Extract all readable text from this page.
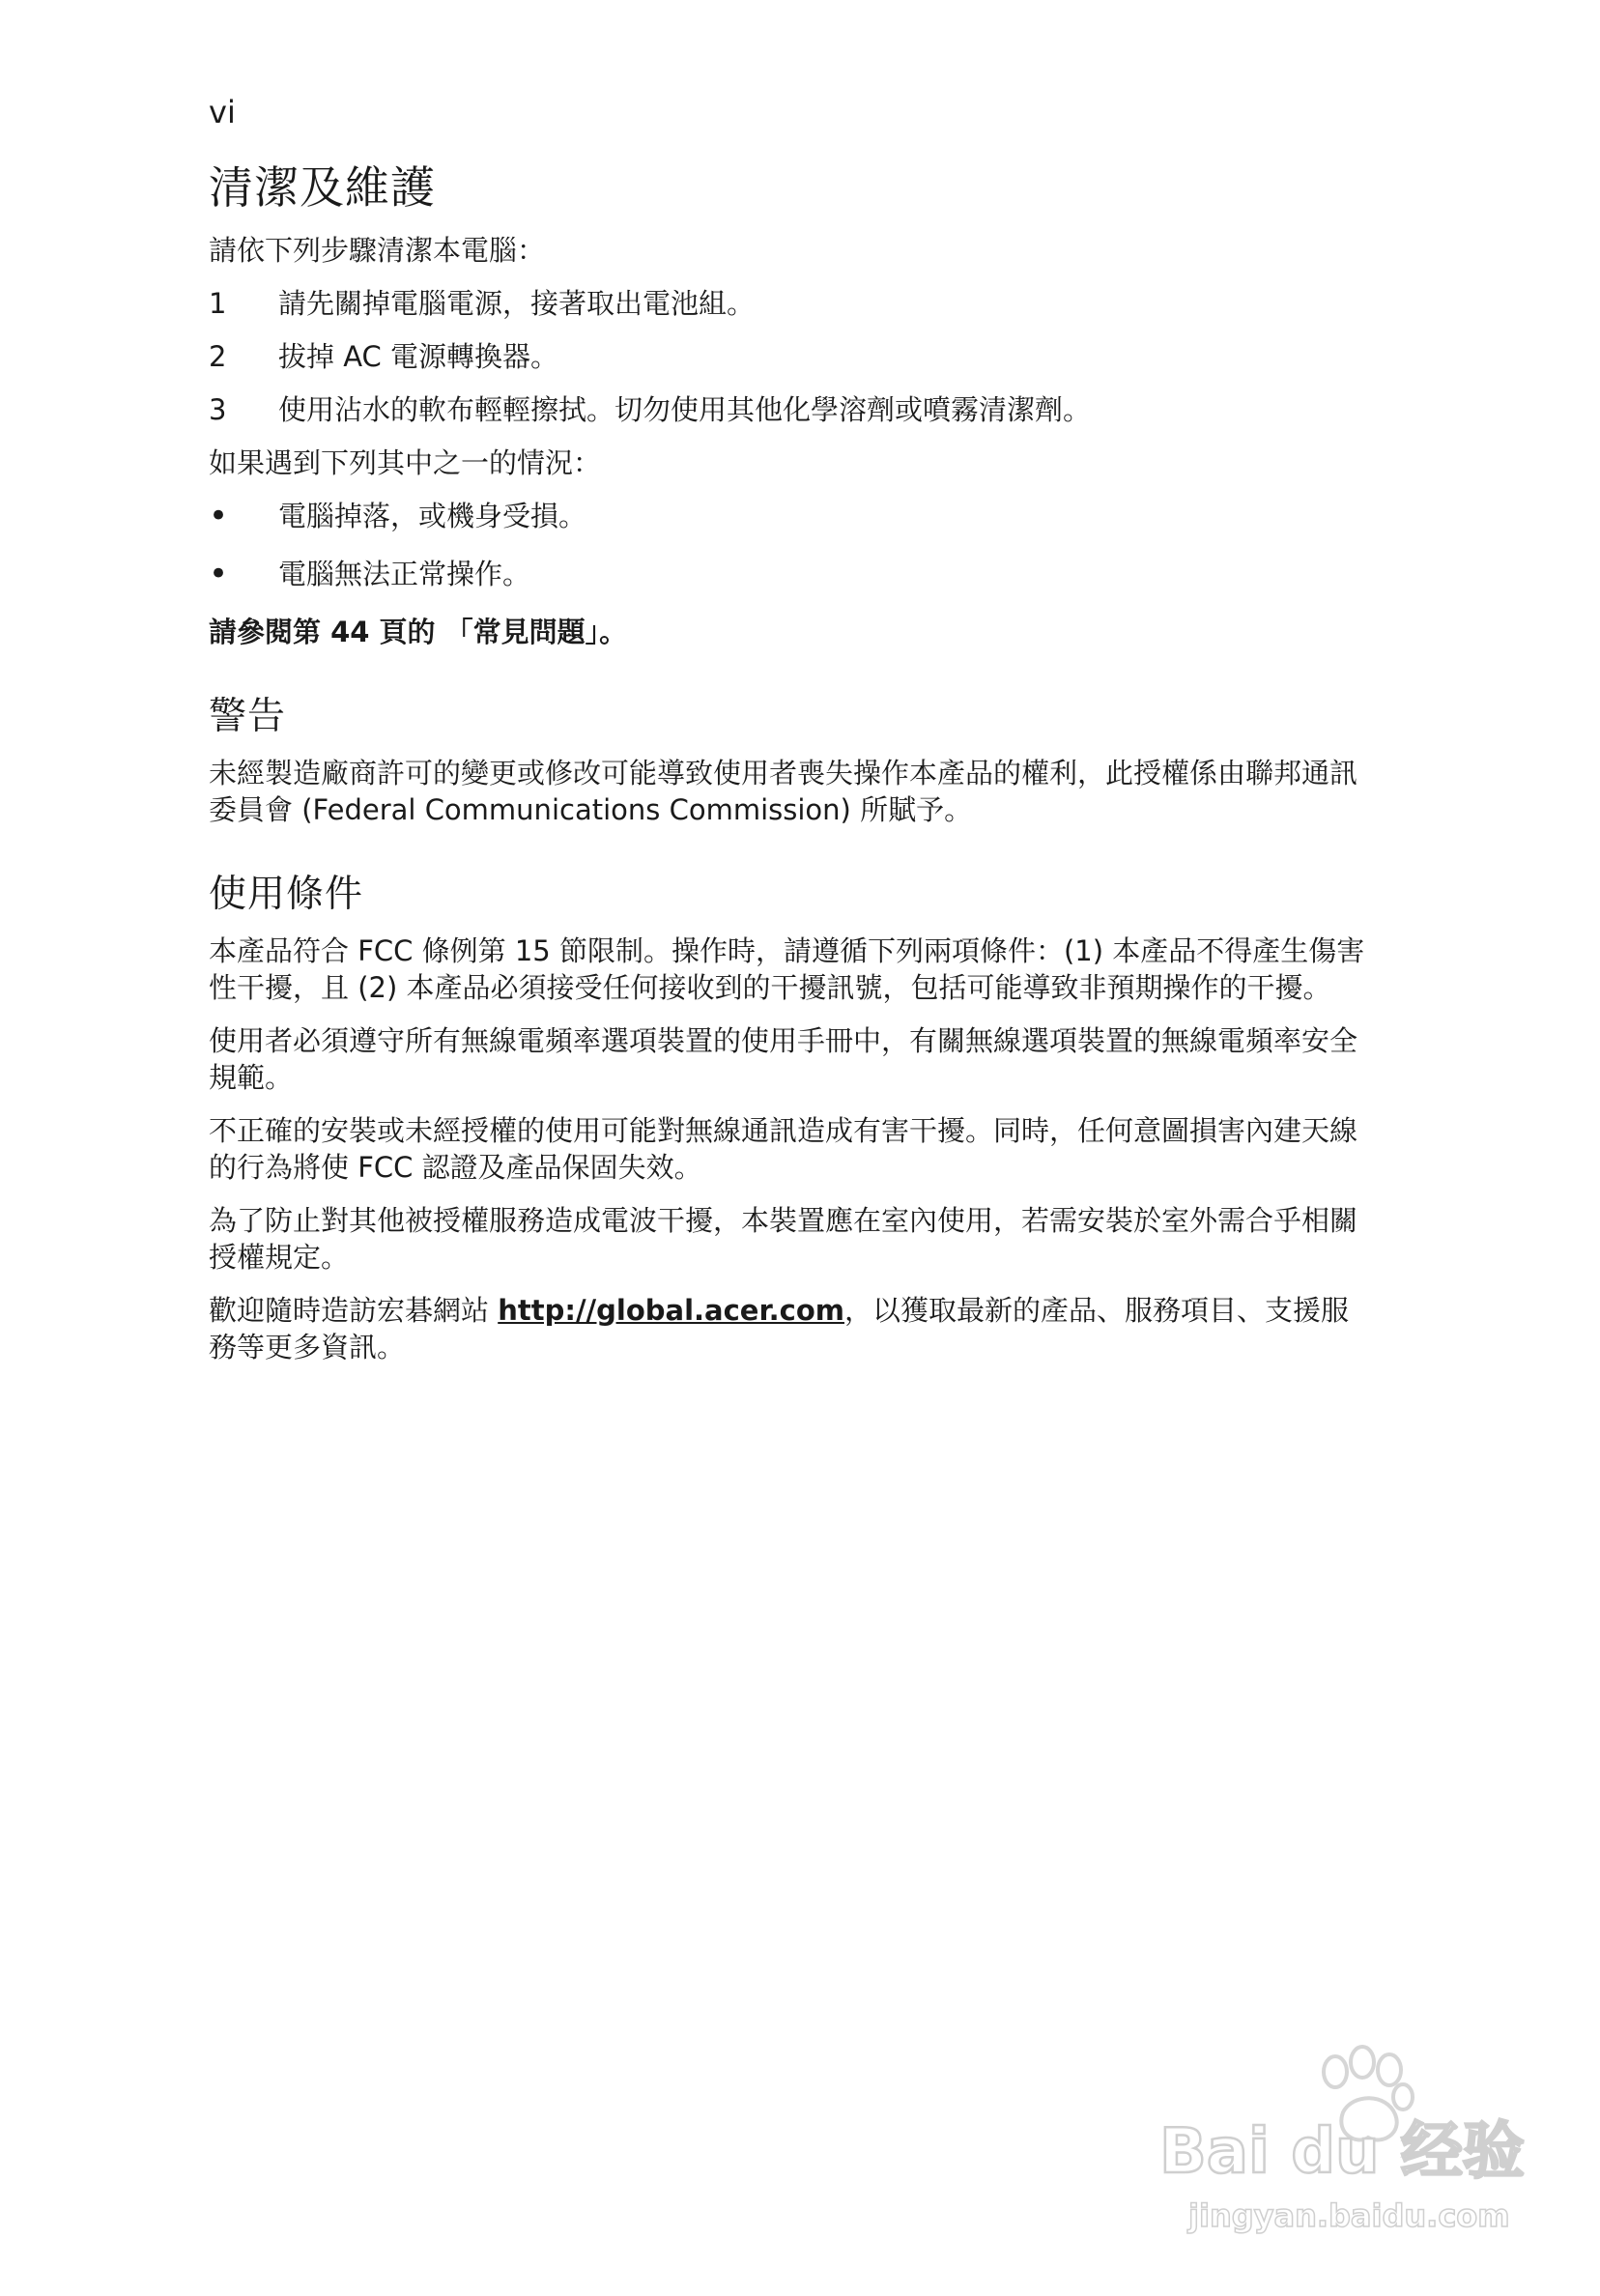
vi
清潔及維護

請依下列步驟清潔本電腦：

1	請先關掉電腦電源，接著取出電池組。
2	拔掉 AC 電源轉換器。
3	使用沾水的軟布輕輕擦拭。切勿使用其他化學溶劑或噴霧清潔劑。

如果遇到下列其中之一的情況：

•	電腦掉落，或機身受損。
•	電腦無法正常操作。

請參閱第 44 頁的 「常見問題」。

警告

未經製造廠商許可的變更或修改可能導致使用者喪失操作本產品的權利，此授權係由聯邦通訊委員會 (Federal Communications Commission) 所賦予。

使用條件

本產品符合 FCC 條例第 15 節限制。操作時，請遵循下列兩項條件：(1) 本產品不得產生傷害性干擾，且 (2) 本產品必須接受任何接收到的干擾訊號，包括可能導致非預期操作的干擾。

使用者必須遵守所有無線電頻率選項裝置的使用手冊中，有關無線選項裝置的無線電頻率安全規範。

不正確的安裝或未經授權的使用可能對無線通訊造成有害干擾。同時，任何意圖損害內建天線的行為將使 FCC 認證及產品保固失效。

為了防止對其他被授權服務造成電波干擾，本裝置應在室內使用，若需安裝於室外需合乎相關授權規定。

歡迎隨時造訪宏碁網站 http://global.acer.com，以獲取最新的產品、服務項目、支援服務等更多資訊。

Bai du 经验
jingyan.baidu.com
